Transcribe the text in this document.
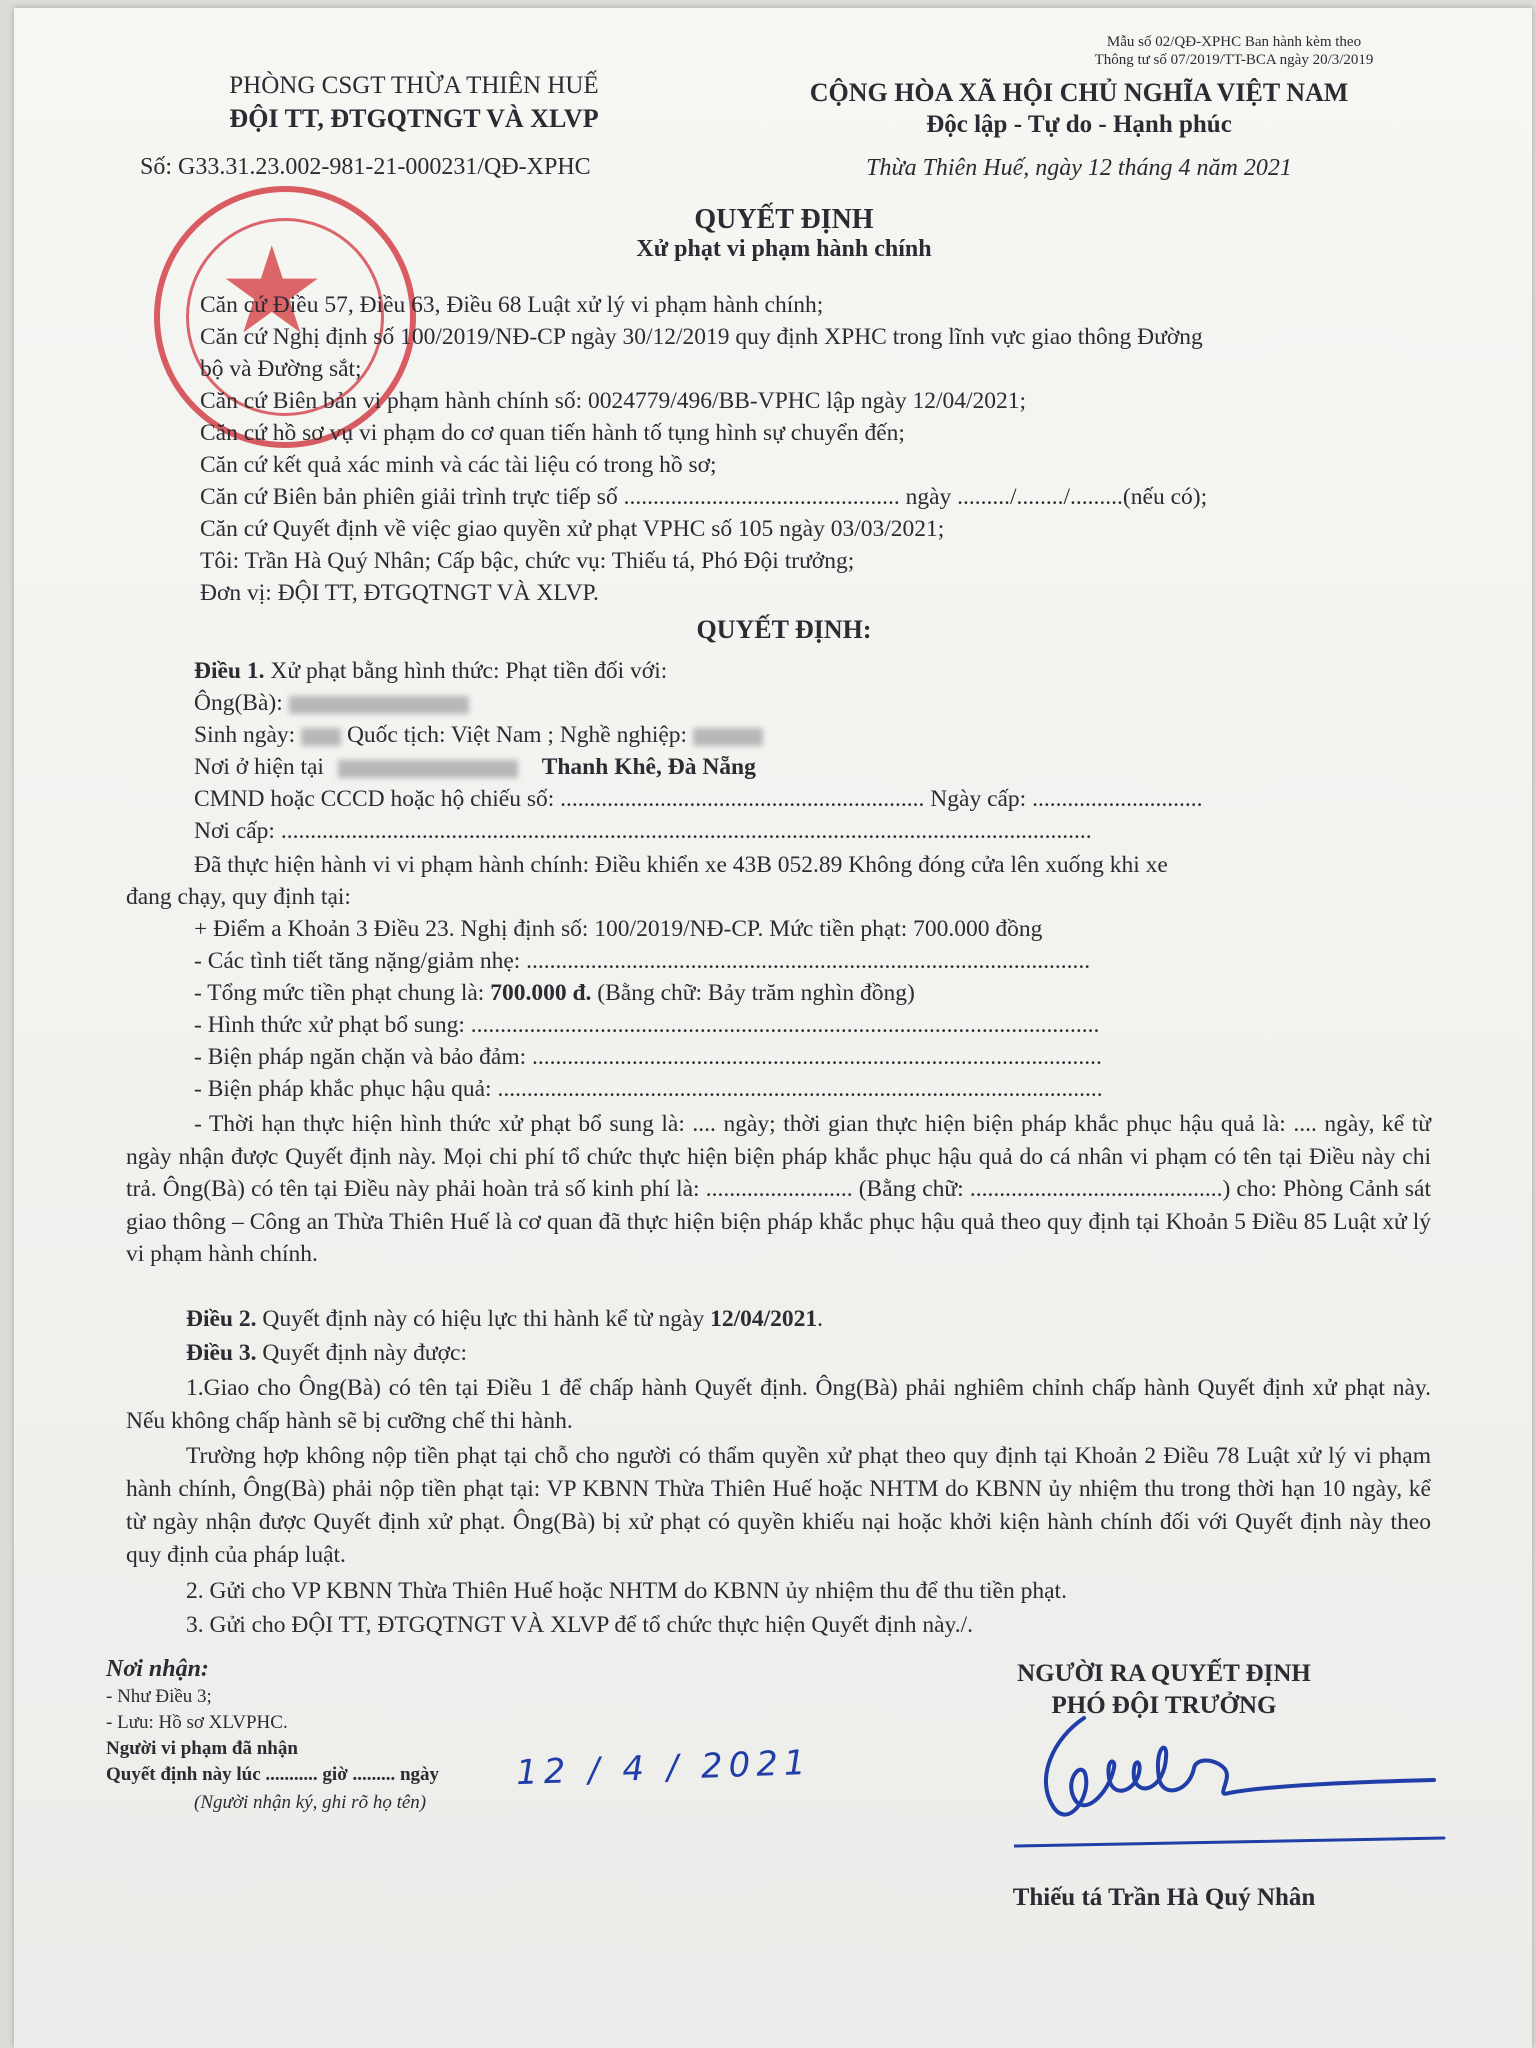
Mẫu số 02/QĐ-XPHC Ban hành kèm theo
Thông tư số 07/2019/TT-BCA ngày 20/3/2019
PHÒNG CSGT THỪA THIÊN HUẾ
ĐỘI TT, ĐTGQTNGT VÀ XLVP
Số: G33.31.23.002-981-21-000231/QĐ-XPHC
CỘNG HÒA XÃ HỘI CHỦ NGHĨA VIỆT NAM
Độc lập - Tự do - Hạnh phúc
Thừa Thiên Huế, ngày 12 tháng 4 năm 2021
★
QUYẾT ĐỊNH
Xử phạt vi phạm hành chính
Căn cứ Điều 57, Điều 63, Điều 68 Luật xử lý vi phạm hành chính;
Căn cứ Nghị định số 100/2019/NĐ-CP ngày 30/12/2019 quy định XPHC trong lĩnh vực giao thông Đường
bộ và Đường sắt;
Căn cứ Biên bản vi phạm hành chính số: 0024779/496/BB-VPHC lập ngày 12/04/2021;
Căn cứ hồ sơ vụ vi phạm do cơ quan tiến hành tố tụng hình sự chuyển đến;
Căn cứ kết quả xác minh và các tài liệu có trong hồ sơ;
Căn cứ Biên bản phiên giải trình trực tiếp số ............................................... ngày ........./......../.........(nếu có);
Căn cứ Quyết định về việc giao quyền xử phạt VPHC số 105 ngày 03/03/2021;
Tôi: Trần Hà Quý Nhân; Cấp bậc, chức vụ: Thiếu tá, Phó Đội trưởng;
Đơn vị: ĐỘI TT, ĐTGQTNGT VÀ XLVP.
QUYẾT ĐỊNH:
Điều 1. Xử phạt bằng hình thức: Phạt tiền đối với:
Ông(Bà):
Sinh ngày: Quốc tịch: Việt Nam ; Nghề nghiệp:
Nơi ở hiện tại	Thanh Khê, Đà Nẵng
CMND hoặc CCCD hoặc hộ chiếu số: .............................................................. Ngày cấp: .............................
Nơi cấp: ..........................................................................................................................................
Đã thực hiện hành vi vi phạm hành chính: Điều khiển xe 43B 052.89 Không đóng cửa lên xuống khi xe
đang chạy, quy định tại:
+ Điểm a Khoản 3 Điều 23. Nghị định số: 100/2019/NĐ-CP. Mức tiền phạt: 700.000 đồng
- Các tình tiết tăng nặng/giảm nhẹ: ................................................................................................
- Tổng mức tiền phạt chung là: 700.000 đ. (Bằng chữ: Bảy trăm nghìn đồng)
- Hình thức xử phạt bổ sung: ...........................................................................................................
- Biện pháp ngăn chặn và bảo đảm: .................................................................................................
- Biện pháp khắc phục hậu quả: .......................................................................................................
- Thời hạn thực hiện hình thức xử phạt bổ sung là: .... ngày; thời gian thực hiện biện pháp khắc phục hậu quả là: .... ngày, kể từ ngày nhận được Quyết định này. Mọi chi phí tổ chức thực hiện biện pháp khắc phục hậu quả do cá nhân vi phạm có tên tại Điều này chi trả. Ông(Bà) có tên tại Điều này phải hoàn trả số kinh phí là: ......................... (Bằng chữ: ...........................................) cho: Phòng Cảnh sát giao thông – Công an Thừa Thiên Huế là cơ quan đã thực hiện biện pháp khắc phục hậu quả theo quy định tại Khoản 5 Điều 85 Luật xử lý vi phạm hành chính.
Điều 2. Quyết định này có hiệu lực thi hành kể từ ngày 12/04/2021.
Điều 3. Quyết định này được:
1.Giao cho Ông(Bà) có tên tại Điều 1 để chấp hành Quyết định. Ông(Bà) phải nghiêm chỉnh chấp hành Quyết định xử phạt này. Nếu không chấp hành sẽ bị cưỡng chế thi hành.
Trường hợp không nộp tiền phạt tại chỗ cho người có thẩm quyền xử phạt theo quy định tại Khoản 2 Điều 78 Luật xử lý vi phạm hành chính, Ông(Bà) phải nộp tiền phạt tại: VP KBNN Thừa Thiên Huế hoặc NHTM do KBNN ủy nhiệm thu trong thời hạn 10 ngày, kể từ ngày nhận được Quyết định xử phạt. Ông(Bà) bị xử phạt có quyền khiếu nại hoặc khởi kiện hành chính đối với Quyết định này theo quy định của pháp luật.
2. Gửi cho VP KBNN Thừa Thiên Huế hoặc NHTM do KBNN ủy nhiệm thu để thu tiền phạt.
3. Gửi cho ĐỘI TT, ĐTGQTNGT VÀ XLVP để tổ chức thực hiện Quyết định này./.
Nơi nhận:
- Như Điều 3;
- Lưu: Hồ sơ XLVPHC.
Người vi phạm đã nhận
Quyết định này lúc ........... giờ ......... ngày
(Người nhận ký, ghi rõ họ tên)
12 / 4 / 2021
NGƯỜI RA QUYẾT ĐỊNH
PHÓ ĐỘI TRƯỞNG
Thiếu tá Trần Hà Quý Nhân
